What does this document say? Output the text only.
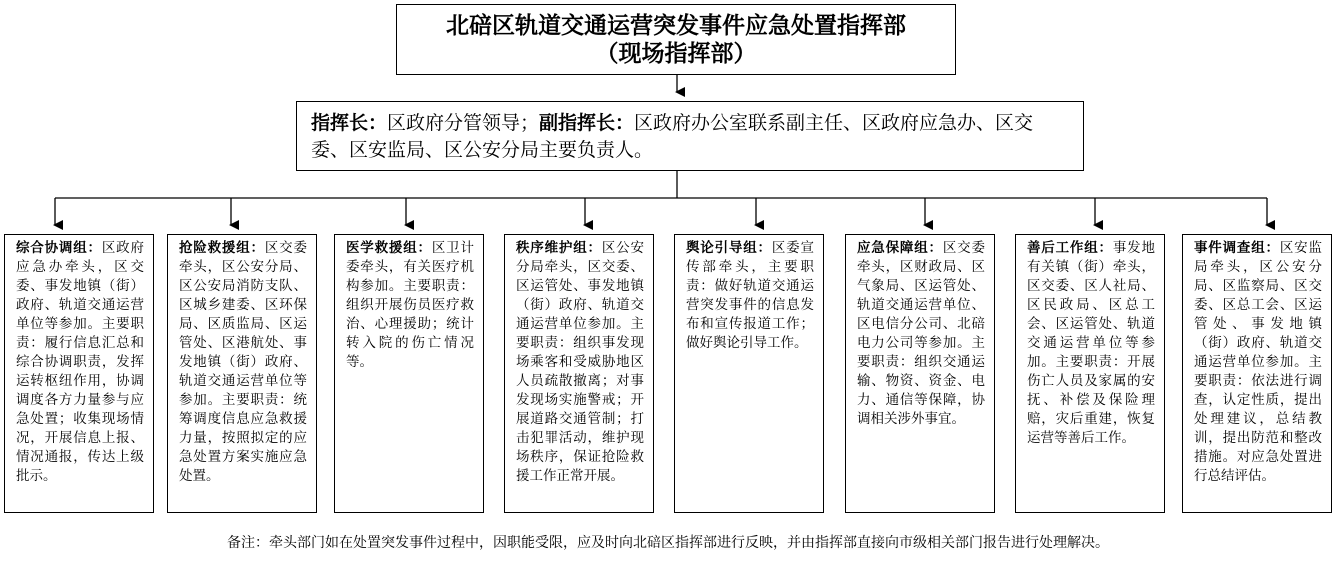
北碚区轨道交通运营突发事件应急处置指挥部
（现场指挥部）
指挥长：区政府分管领导；副指挥长：区政府办公室联系副主任、区政府应急办、区交委、区安监局、区公安分局主要负责人。
综合协调组：区政府应急办牵头，区交委、事发地镇（街）政府、轨道交通运营单位等参加。主要职责：履行信息汇总和综合协调职责，发挥运转枢纽作用，协调调度各方力量参与应急处置；收集现场情况，开展信息上报、情况通报，传达上级批示。
抢险救援组：区交委牵头，区公安分局、区公安局消防支队、区城乡建委、区环保局、区质监局、区运管处、区港航处、事发地镇（街）政府、轨道交通运营单位等参加。主要职责：统筹调度信息应急救援力量，按照拟定的应急处置方案实施应急处置。
医学救援组：区卫计委牵头，有关医疗机构参加。主要职责：组织开展伤员医疗救治、心理援助；统计转入院的伤亡情况等。
秩序维护组：区公安分局牵头，区交委、区运管处、事发地镇（街）政府、轨道交通运营单位参加。主要职责：组织事发现场乘客和受威胁地区人员疏散撤离；对事发现场实施警戒；开展道路交通管制；打击犯罪活动，维护现场秩序，保证抢险救援工作正常开展。
舆论引导组：区委宣传部牵头，主要职责：做好轨道交通运营突发事件的信息发布和宣传报道工作；做好舆论引导工作。
应急保障组：区交委牵头，区财政局、区气象局、区运管处、轨道交通运营单位、区电信分公司、北碚电力公司等参加。主要职责：组织交通运输、物资、资金、电力、通信等保障，协调相关涉外事宜。
善后工作组：事发地有关镇（街）牵头，区交委、区人社局、区民政局、区总工会、区运管处、轨道交通运营单位等参加。主要职责：开展伤亡人员及家属的安抚、补偿及保险理赔，灾后重建，恢复运营等善后工作。
事件调查组：区安监局牵头，区公安分局、区监察局、区交委、区总工会、区运管处、事发地镇（街）政府、轨道交通运营单位参加。主要职责：依法进行调查，认定性质，提出处理建议，总结教训，提出防范和整改措施。对应急处置进行总结评估。
备注：牵头部门如在处置突发事件过程中，因职能受限，应及时向北碚区指挥部进行反映，并由指挥部直接向市级相关部门报告进行处理解决。
